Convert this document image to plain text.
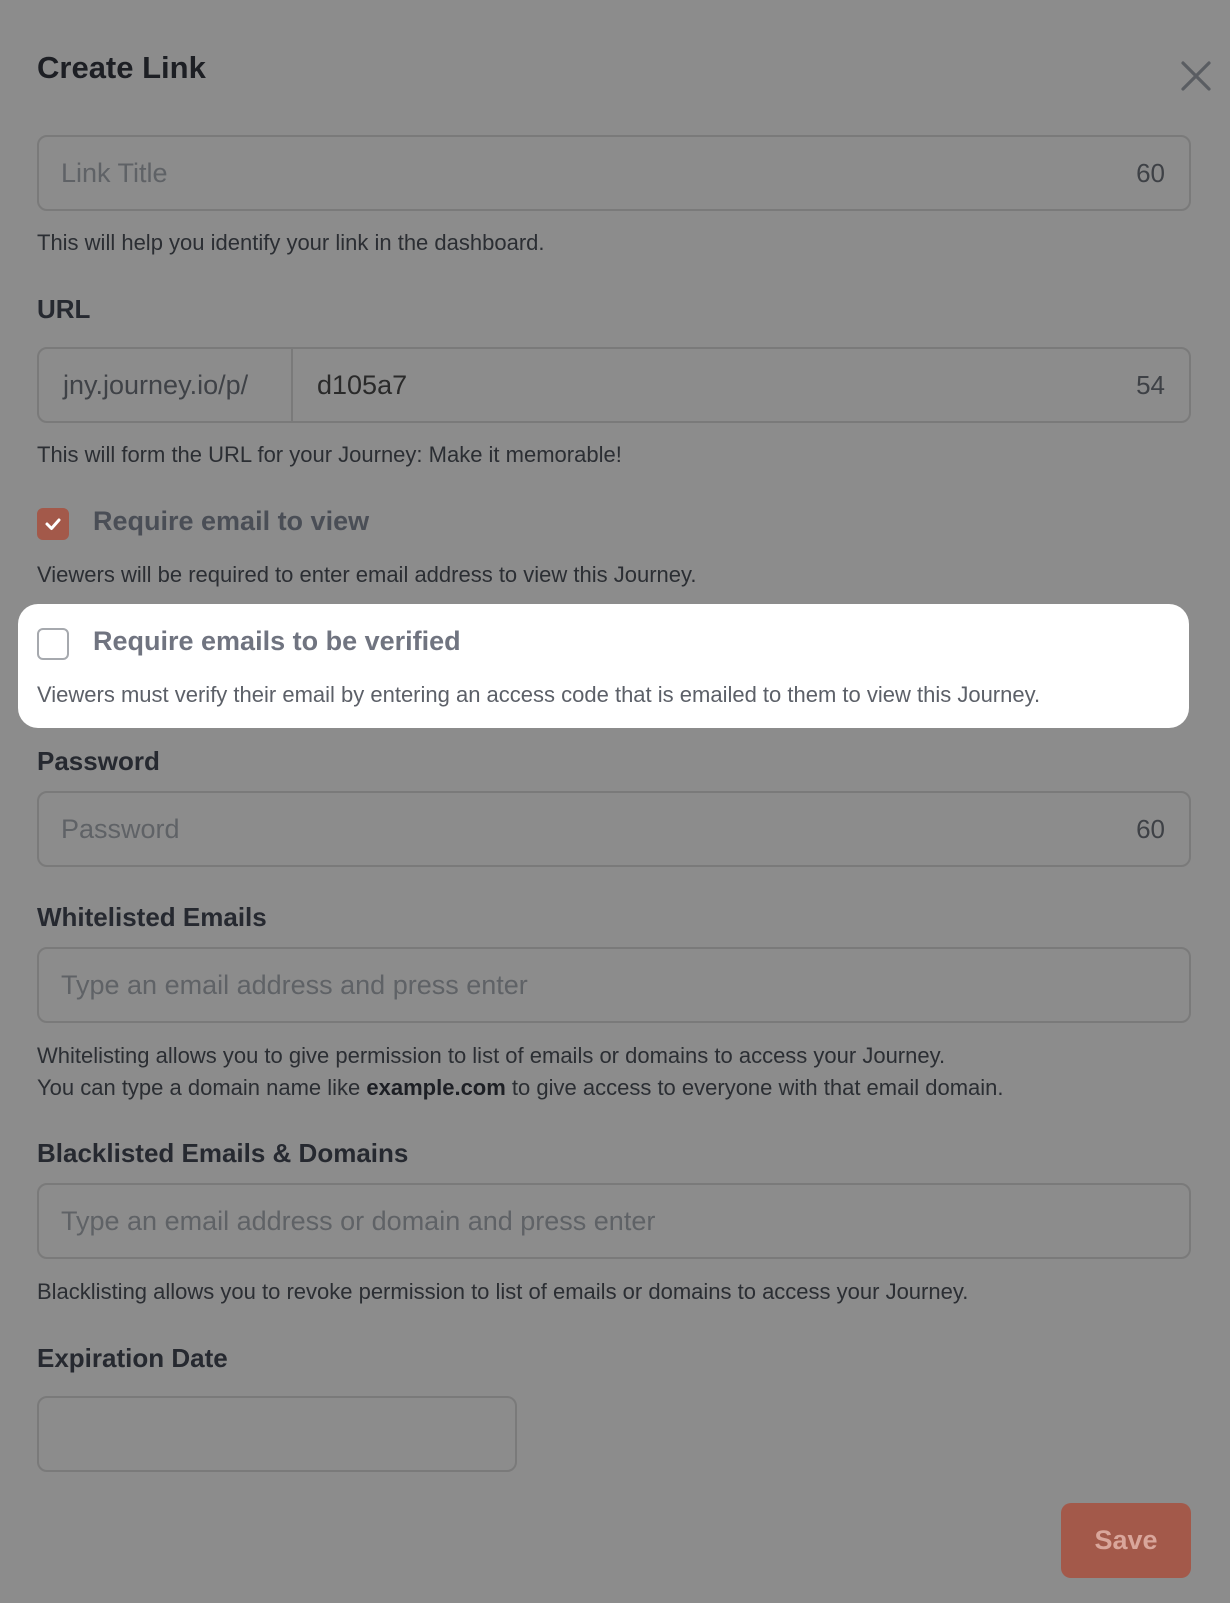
Create Link
Link Title
60
This will help you identify your link in the dashboard.
URL
jny.journey.io/p/
d105a7	54
This will form the URL for your Journey: Make it memorable!
Require email to view
Viewers will be required to enter email address to view this Journey.
Require emails to be verified
Viewers must verify their email by entering an access code that is emailed to them to view this Journey.
Password
60
Whitelisted Emails
Type an email address and press enter
Whitelisting allows you to give permission to list of emails or domains to access your Journey.
You can type a domain name like example.com to give access to everyone with that email domain.
Blacklisted Emails & Domains
Type an email address or domain and press enter
Blacklisting allows you to revoke permission to list of emails or domains to access your Journey.
Expiration Date
Save
